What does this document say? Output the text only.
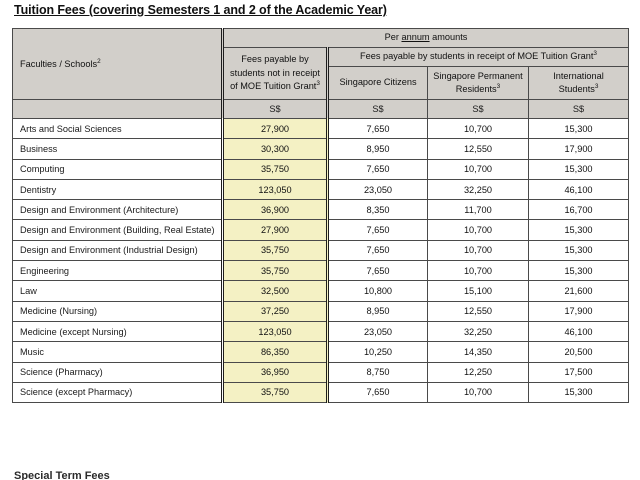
Tuition Fees (covering Semesters 1 and 2 of the Academic Year)
Faculties / Schools$^2$	Per annum amounts			

	Fees payable by students not in receipt of MOE Tuition Grant$^3$	Fees payable by students in receipt of MOE Tuition Grant$^3$

		Singapore Citizens	Singapore Permanent Residents$^3$	International Students$^3$

	S$	S$	S$	S$

Arts and Social Sciences	27,900	7,650	10,700	15,300

Business	30,300	8,950	12,550	17,900

Computing	35,750	7,650	10,700	15,300

Dentistry	123,050	23,050	32,250	46,100

Design and Environment (Architecture)	36,900	8,350	11,700	16,700

Design and Environment (Building, Real Estate)	27,900	7,650	10,700	15,300

Design and Environment (Industrial Design)	35,750	7,650	10,700	15,300

Engineering	35,750	7,650	10,700	15,300

Law	32,500	10,800	15,100	21,600

Medicine (Nursing)	37,250	8,950	12,550	17,900

Medicine (except Nursing)	123,050	23,050	32,250	46,100

Music	86,350	10,250	14,350	20,500

Science (Pharmacy)	36,950	8,750	12,250	17,500

Science (except Pharmacy)	35,750	7,650	10,700	15,300
Special Term Fees
